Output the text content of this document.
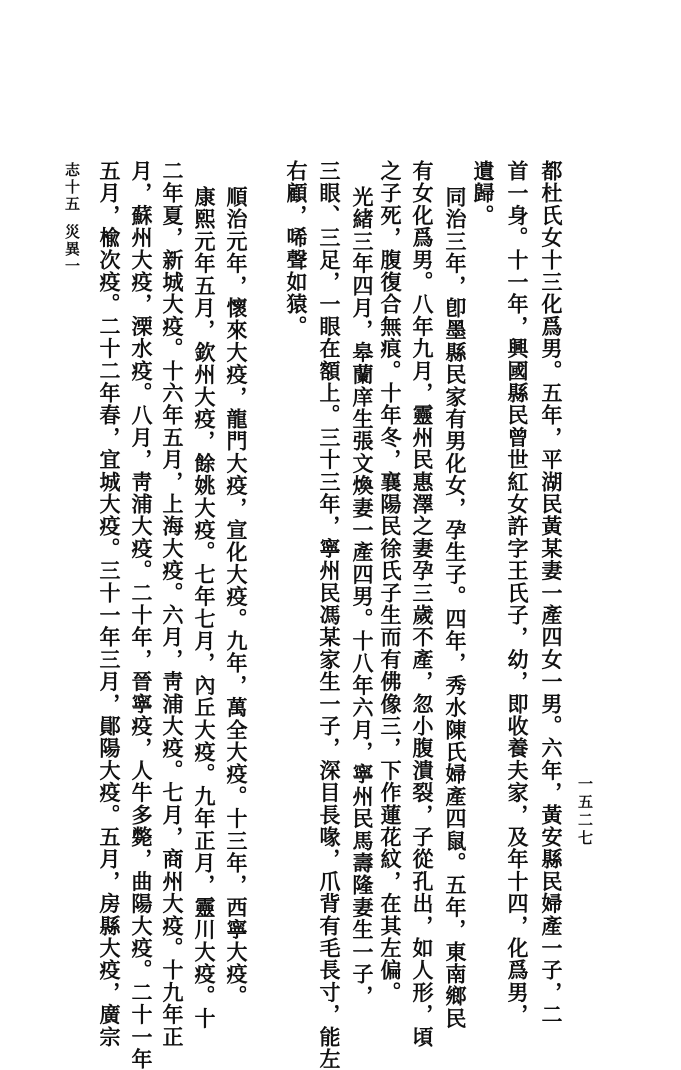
都杜氏女十三化爲男。五年，平湖民黃某妻一產四女一男。六年，黃安縣民婦產一子，二
首一身。十一年，興國縣民曾世紅女許字王氏子，幼，即收養夫家，及年十四，化爲男，
遺歸。
同治三年，卽墨縣民家有男化女，孕生子。四年，秀水陳氏婦產四鼠。五年，東南鄉民
有女化爲男。八年九月，靈州民惠澤之妻孕三歲不產，忽小腹潰裂，子從孔出，如人形，頃
之子死，腹復合無痕。十年冬，襄陽民徐氏子生而有佛像三，下作蓮花紋，在其左偏。
光緒三年四月，皋蘭庠生張文煥妻一產四男。十八年六月，寧州民馬壽隆妻生一子，
三眼、三足，一眼在額上。三十三年，寧州民馮某家生一子，深目長喙，爪背有毛長寸，能左
右顧，唏聲如猿。
順治元年，懷來大疫，龍門大疫，宣化大疫。九年，萬全大疫。十三年，西寧大疫。
康熙元年五月，欽州大疫，餘姚大疫。七年七月，內丘大疫。九年正月，靈川大疫。十
二年夏，新城大疫。十六年五月，上海大疫。六月，靑浦大疫。七月，商州大疫。十九年正
月，蘇州大疫，溧水疫。八月，靑浦大疫。二十年，晉寧疫，人牛多斃，曲陽大疫。二十一年
五月，楡次疫。二十二年春，宜城大疫。三十一年三月，鄖陽大疫。五月，房縣大疫，廣宗
志十五
災異一
一五二七
